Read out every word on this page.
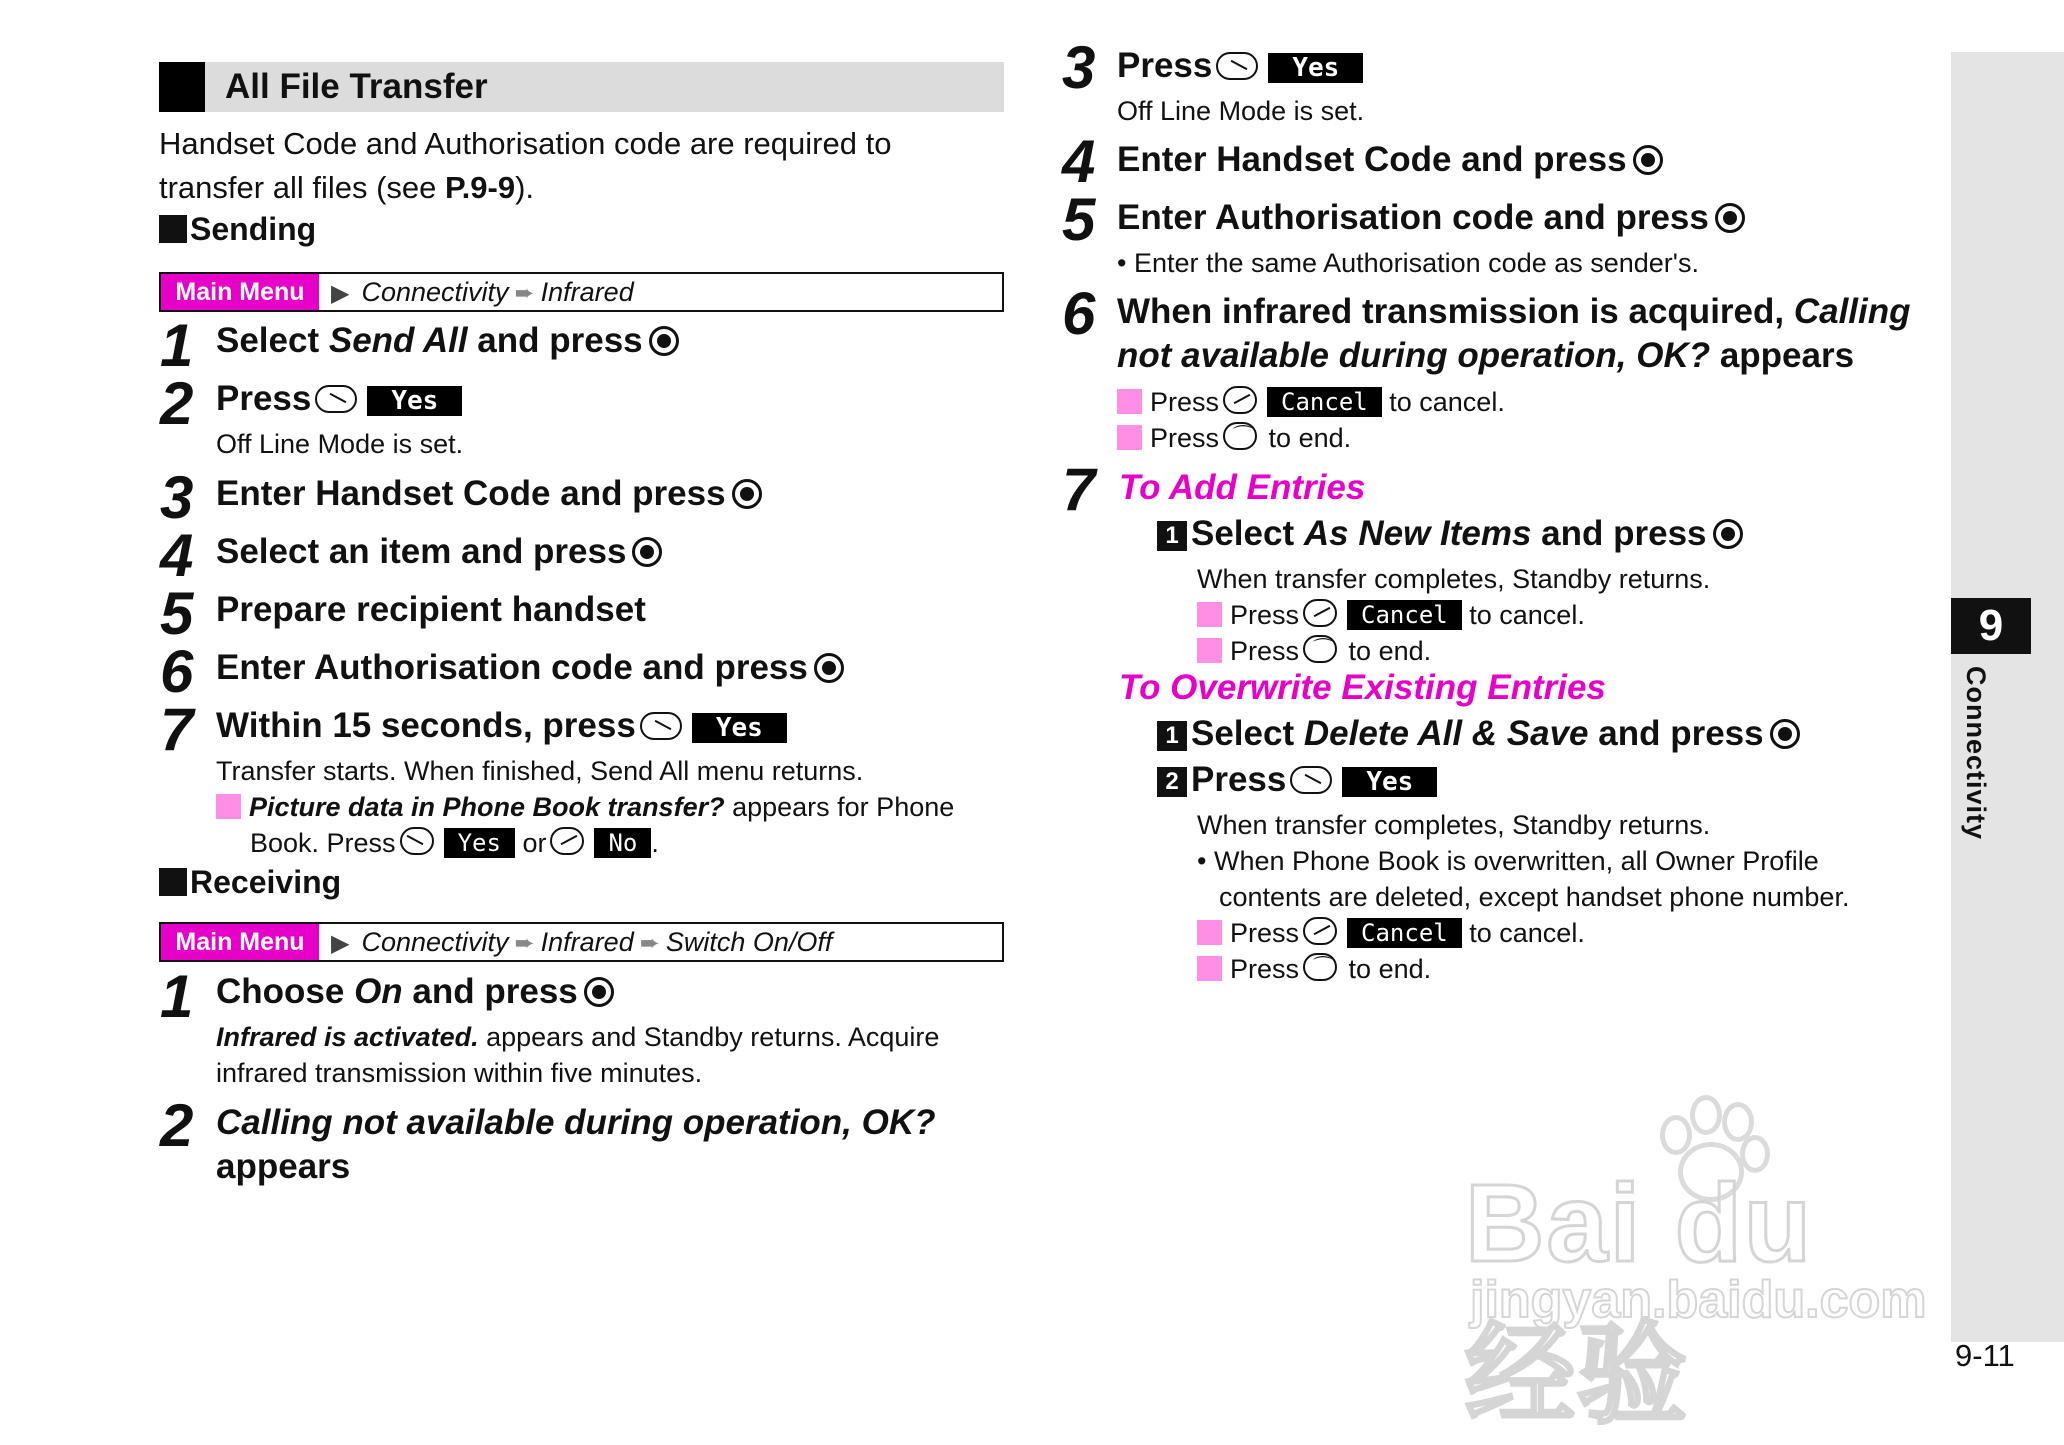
All File Transfer
Handset Code and Authorisation code are required to
transfer all files (see P.9-9).
Sending
Main Menu	▶ Connectivity ➨ Infrared
1 Select Send All and press
2 Press	Yes
Off Line Mode is set.
3 Enter Handset Code and press
4 Select an item and press
5 Prepare recipient handset
6 Enter Authorisation code and press
7 Within 15 seconds, press	Yes
Transfer starts. When finished, Send All menu returns.
Picture data in Phone Book transfer? appears for Phone
Book. Press	Yes or	No .
Receiving
Main Menu	▶ Connectivity ➨ Infrared ➨ Switch On/Off
1 Choose On and press
Infrared is activated. appears and Standby returns. Acquire
infrared transmission within five minutes.
2 Calling not available during operation, OK?
appears
3 Press	Yes
Off Line Mode is set.
4 Enter Handset Code and press
5 Enter Authorisation code and press
• Enter the same Authorisation code as sender's.
6 When infrared transmission is acquired, Calling
not available during operation, OK? appears
Press	Cancel to cancel.
Press ⌒ to end.
7 To Add Entries
1 Select As New Items and press
When transfer completes, Standby returns.
Press	Cancel to cancel.
Press ⌒ to end.
To Overwrite Existing Entries
1 Select Delete All & Save and press
2 Press	Yes
When transfer completes, Standby returns.
• When Phone Book is overwritten, all Owner Profile
contents are deleted, except handset phone number.
Press	Cancel to cancel.
Press ⌒ to end.
9
Connectivity
9-11
Bai du 经验
jingyan.baidu.com
